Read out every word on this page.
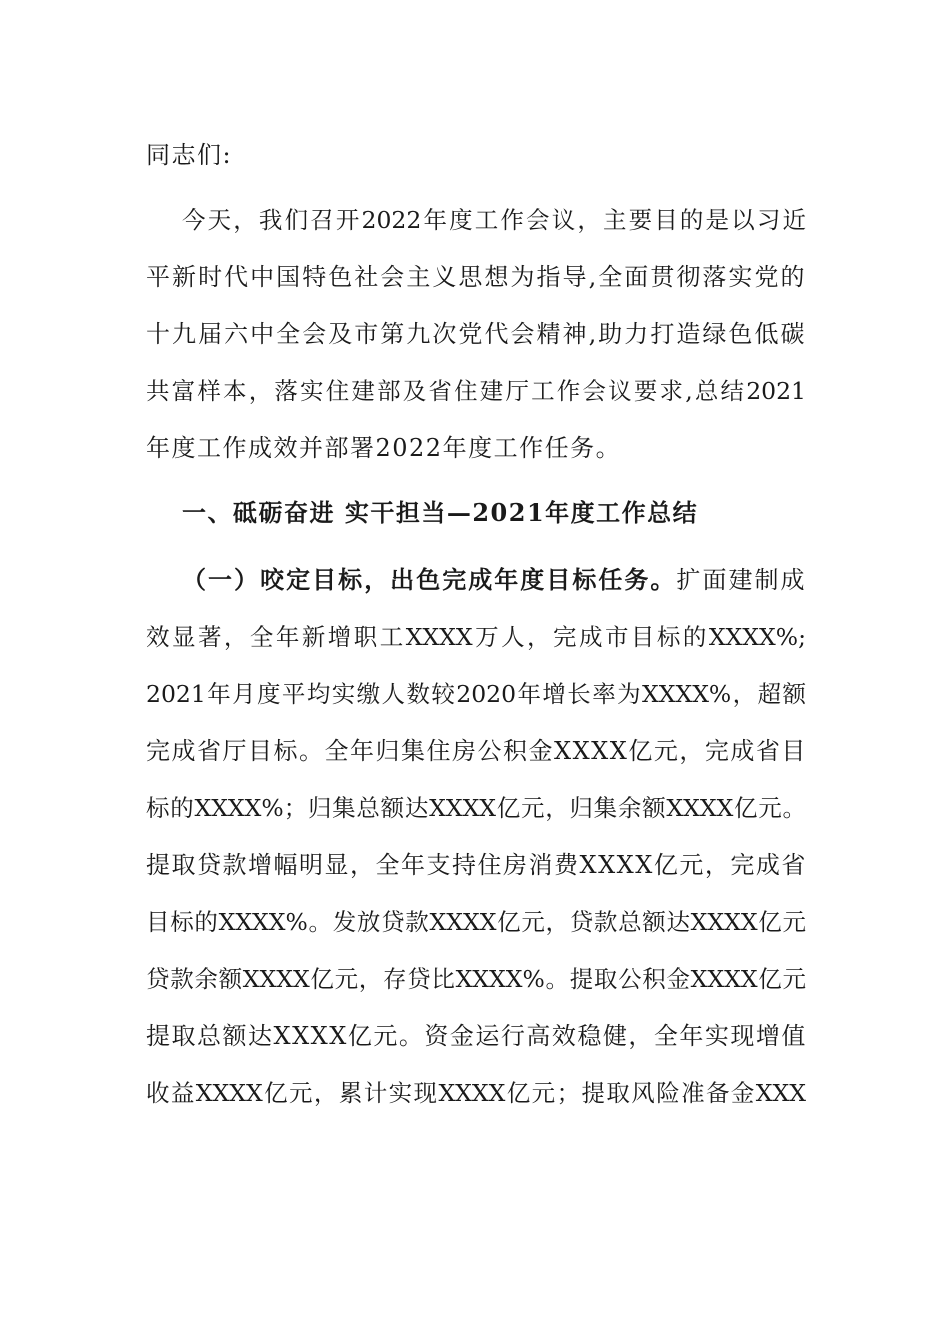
同志们:
今天，我们召开2022年度工作会议，主要目的是以习近
平新时代中国特色社会主义思想为指导,全面贯彻落实党的
十九届六中全会及市第九次党代会精神,助力打造绿色低碳
共富样本，落实住建部及省住建厅工作会议要求,总结2021
年度工作成效并部署2022年度工作任务。
一、砥砺奋进 实干担当—2021年度工作总结
（一）咬定目标，出色完成年度目标任务。扩面建制成
效显著，全年新增职工XXXX万人，完成市目标的XXXX%;
2021年月度平均实缴人数较2020年增长率为XXXX%，超额
完成省厅目标。全年归集住房公积金XXXX亿元，完成省目
标的XXXX%；归集总额达XXXX亿元，归集余额XXXX亿元。
提取贷款增幅明显，全年支持住房消费XXXX亿元，完成省
目标的XXXX%。发放贷款XXXX亿元，贷款总额达XXXX亿元
贷款余额XXXX亿元，存贷比XXXX%。提取公积金XXXX亿元
提取总额达XXXX亿元。资金运行高效稳健，全年实现增值
收益XXXX亿元，累计实现XXXX亿元；提取风险准备金XXX
